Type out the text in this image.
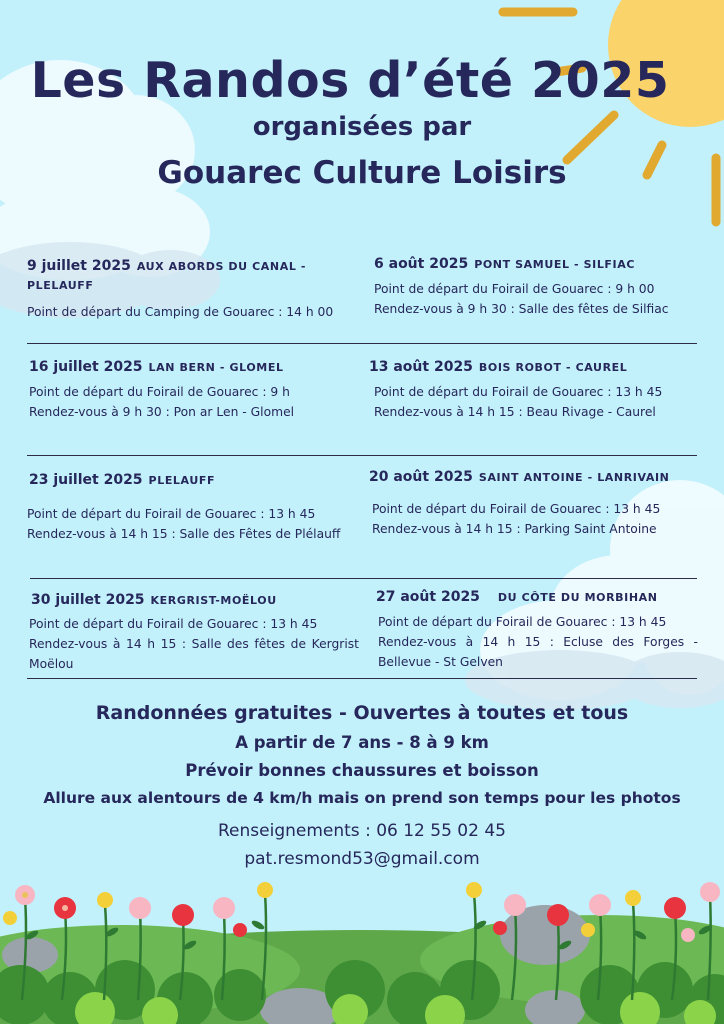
Les Randos d’été 2025
organisées par
Gouarec Culture Loisirs
9 juillet 2025 AUX ABORDS DU CANAL - PLELAUFF
Point de départ du Camping de Gouarec : 14 h 00
6 août 2025 PONT SAMUEL - SILFIAC
Point de départ du Foirail de Gouarec : 9 h 00
Rendez-vous à 9 h 30 : Salle des fêtes de Silfiac
16 juillet 2025 LAN BERN - GLOMEL
Point de départ du Foirail de Gouarec : 9 h
Rendez-vous à 9 h 30 : Pon ar Len - Glomel
13 août 2025 BOIS ROBOT - CAUREL
Point de départ du Foirail de Gouarec : 13 h 45
Rendez-vous à 14 h 15 : Beau Rivage - Caurel
23 juillet 2025 PLELAUFF
Point de départ du Foirail de Gouarec : 13 h 45
Rendez-vous à 14 h 15 : Salle des Fêtes de Plélauff
20 août 2025 SAINT ANTOINE - LANRIVAIN
Point de départ du Foirail de Gouarec : 13 h 45
Rendez-vous à 14 h 15 : Parking Saint Antoine
30 juillet 2025 KERGRIST-MOËLOU
Point de départ du Foirail de Gouarec : 13 h 45
Rendez-vous à 14 h 15 : Salle des fêtes de Kergrist Moëlou
27 août 2025 DU CÔTE DU MORBIHAN
Point de départ du Foirail de Gouarec : 13 h 45
Rendez-vous à 14 h 15 : Ecluse des Forges - Bellevue - St Gelven
Randonnées gratuites - Ouvertes à toutes et tous
A partir de 7 ans - 8 à 9 km
Prévoir bonnes chaussures et boisson
Allure aux alentours de 4 km/h mais on prend son temps pour les photos
Renseignements : 06 12 55 02 45
pat.resmond53@gmail.com
